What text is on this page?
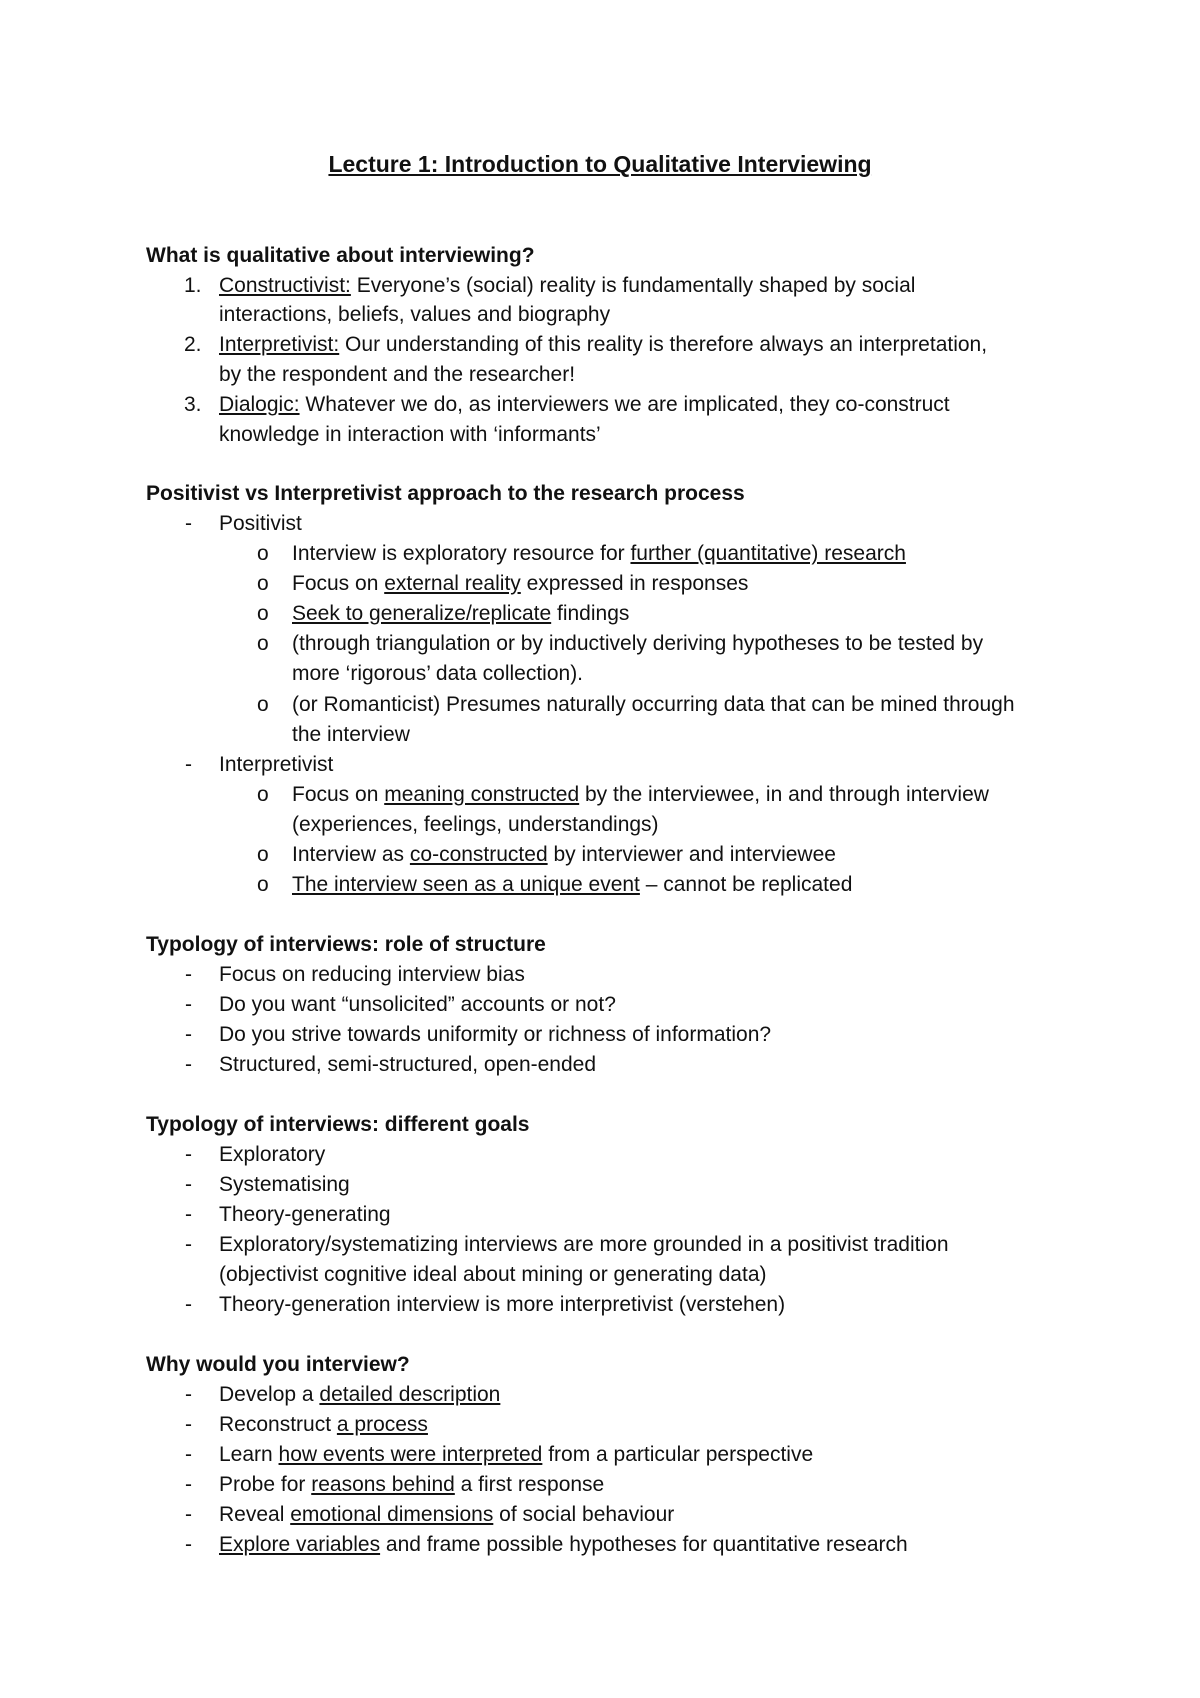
Lecture 1: Introduction to Qualitative Interviewing
What is qualitative about interviewing?
1. Constructivist: Everyone’s (social) reality is fundamentally shaped by social
interactions, beliefs, values and biography
2. Interpretivist: Our understanding of this reality is therefore always an interpretation,
by the respondent and the researcher!
3. Dialogic: Whatever we do, as interviewers we are implicated, they co-construct
knowledge in interaction with ‘informants’
Positivist vs Interpretivist approach to the research process
- Positivist
o Interview is exploratory resource for further (quantitative) research
o Focus on external reality expressed in responses
o Seek to generalize/replicate findings
o (through triangulation or by inductively deriving hypotheses to be tested by
more ‘rigorous’ data collection).
o (or Romanticist) Presumes naturally occurring data that can be mined through
the interview
- Interpretivist
o Focus on meaning constructed by the interviewee, in and through interview
(experiences, feelings, understandings)
o Interview as co-constructed by interviewer and interviewee
o The interview seen as a unique event – cannot be replicated
Typology of interviews: role of structure
- Focus on reducing interview bias
- Do you want “unsolicited” accounts or not?
- Do you strive towards uniformity or richness of information?
- Structured, semi-structured, open-ended
Typology of interviews: different goals
- Exploratory
- Systematising
- Theory-generating
- Exploratory/systematizing interviews are more grounded in a positivist tradition
(objectivist cognitive ideal about mining or generating data)
- Theory-generation interview is more interpretivist (verstehen)
Why would you interview?
- Develop a detailed description
- Reconstruct a process
- Learn how events were interpreted from a particular perspective
- Probe for reasons behind a first response
- Reveal emotional dimensions of social behaviour
- Explore variables and frame possible hypotheses for quantitative research
